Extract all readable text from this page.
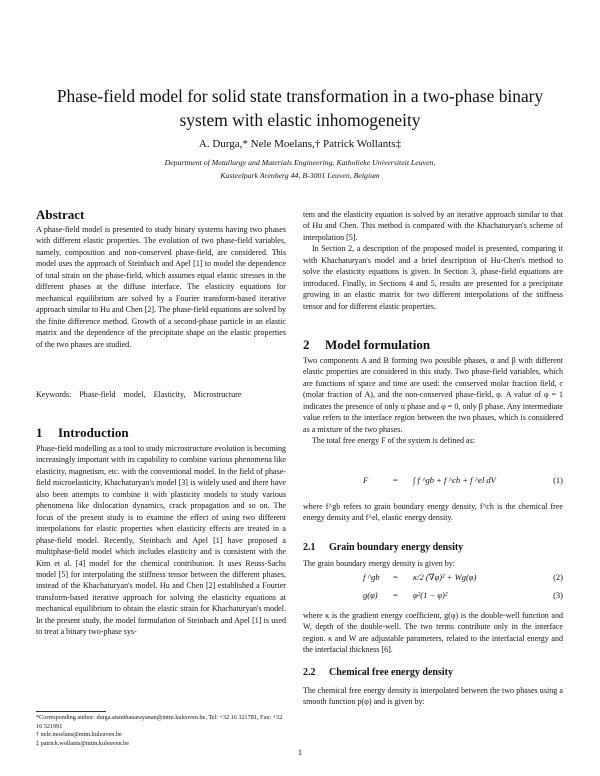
Phase-field model for solid state transformation in a two-phase binary
system with elastic inhomogeneity
A. Durga,* Nele Moelans,† Patrick Wollants‡
Department of Metallurgy and Materials Engineering, Katholieke Universiteit Leuven,
Kasteelpark Arenberg 44, B-3001 Leuven, Belgium
Abstract

A phase-field model is presented to study binary systems having two phases with different elastic properties. The evolution of two phase-field variables, namely, composition and non-conserved phase-field, are considered. This model uses the approach of Steinbach and Apel [1] to model the dependence of total strain on the phase-field, which assumes equal elastic stresses in the different phases at the diffuse interface. The elasticity equations for mechanical equilibrium are solved by a Fourier transform-based iterative approach similar to Hu and Chen [2]. The phase-field equations are solved by the finite difference method. Growth of a second-phase particle in an elastic matrix and the dependence of the precipitate shape on the elastic properties of the two phases are studied.

Keywords: Phase-field model, Elasticity, Microstructure
1 Introduction

Phase-field modelling as a tool to study microstructure evolution is becoming increasingly important with its capability to combine various phenomena like elasticity, magnetism, etc. with the conventional model. In the field of phase-field microelasticity, Khachaturyan's model [3] is widely used and there have also been attempts to combine it with plasticity models to study various phenomena like dislocation dynamics, crack propagation and so on. The focus of the present study is to examine the effect of using two different interpolations for elastic properties when elasticity effects are treated in a phase-field model. Recently, Steinbach and Apel [1] have proposed a multiphase-field model which includes elasticity and is consistent with the Kim et al. [4] model for the chemical contribution. It uses Reuss-Sachs model [5] for interpolating the stiffness tensor between the different phases, instead of the Khachaturyan's model. Hu and Chen [2] established a Fourier transform-based iterative approach for solving the elasticity equations at mechanical equilibrium to obtain the elastic strain for Khachaturyan's model. In the present study, the model formulation of Steinbach and Apel [1] is used to treat a binary two-phase sys-

*Corresponding author: durga.ananthanarayanan@mtm.kuleuven.be, Tel: +32 16 321781, Fax: +32 16 321991

† nele.moelans@mtm.kuleuven.be

‡ patrick.wollants@mtm.kuleuven.be

tem and the elasticity equation is solved by an iterative approach similar to that of Hu and Chen. This method is compared with the Khachaturyan's scheme of interpolation [5].

In Section 2, a description of the proposed model is presented, comparing it with Khachaturyan's model and a brief description of Hu-Chen's method to solve the elasticity equations is given. In Section 3, phase-field equations are introduced. Finally, in Sections 4 and 5, results are presented for a precipitate growing in an elastic matrix for two different interpolations of the stiffness tensor and for different elastic properties.

2 Model formulation

Two components A and B forming two possible phases, α and β with different elastic properties are considered in this study. Two phase-field variables, which are functions of space and time are used: the conserved molar fraction field, c (molar fraction of A), and the non-conserved phase-field, φ. A value of φ = 1 indicates the presence of only α phase and φ = 0, only β phase. Any intermediate value refers to the interface region between the two phases, which is considered as a mixture of the two phases.

The total free energy F of the system is defined as:

F	= ∫ f ^gb + f ^ch + f ^el dV	(1)

where f^gb refers to grain boundary energy density, f^ch is the chemical free energy density and f^el, elastic energy density.

2.1 Grain boundary energy density

The grain boundary energy density is given by:

f ^gb = κ/2 (∇φ)² + Wg(φ)	(2)
g(φ) = φ²(1 − φ)²	(3)

where κ is the gradient energy coefficient, g(φ) is the double-well function and W, depth of the double-well. The two terms contribute only in the interface region. κ and W are adjustable parameters, related to the interfacial energy and the interfacial thickness [6].

2.2 Chemical free energy density

The chemical free energy density is interpolated between the two phases using a smooth function p(φ) and is given by:

1
